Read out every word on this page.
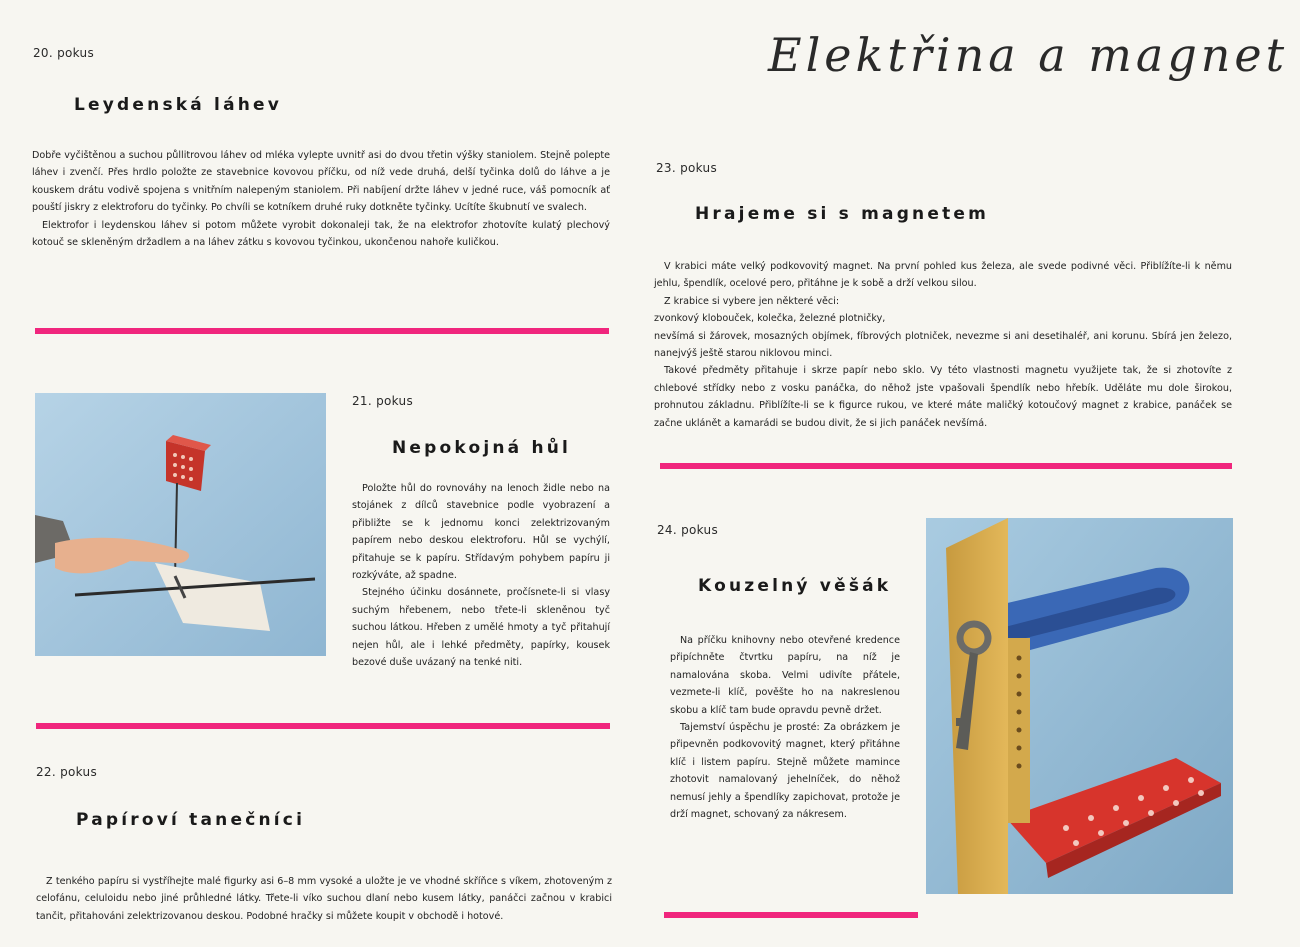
Elektřina a magnet
20. pokus
Leydenská láhev

Dobře vyčištěnou a suchou půllitrovou láhev od mléka vylepte uvnitř asi do dvou třetin výšky staniolem. Stejně polepte láhev i zvenčí. Přes hrdlo položte ze stavebnice kovovou příčku, od níž vede druhá, delší tyčinka dolů do láhve a je kouskem drátu vodivě spojena s vnitřním nalepeným staniolem. Při nabíjení držte láhev v jedné ruce, váš pomocník ať pouští jiskry z elektroforu do tyčinky. Po chvíli se kotníkem druhé ruky dotkněte tyčinky. Ucítíte škubnutí ve svalech.

Elektrofor i leydenskou láhev si potom můžete vyrobit dokonaleji tak, že na elektrofor zhotovíte kulatý plechový kotouč se skleněným držadlem a na láhev zátku s kovovou tyčinkou, ukončenou nahoře kuličkou.

21. pokus
Nepokojná hůl

Položte hůl do rovnováhy na lenoch židle nebo na stojánek z dílců stavebnice podle vyobrazení a přibližte se k jednomu konci zelektrizovaným papírem nebo deskou elektroforu. Hůl se vychýlí, přitahuje se k papíru. Střídavým pohybem papíru ji rozkýváte, až spadne.

Stejného účinku dosánnete, pročísnete-li si vlasy suchým hřebenem, nebo třete-li skleněnou tyč suchou látkou. Hřeben z umělé hmoty a tyč přitahují nejen hůl, ale i lehké předměty, papírky, kousek bezové duše uvázaný na tenké niti.

22. pokus
Papíroví tanečníci

Z tenkého papíru si vystříhejte malé figurky asi 6–8 mm vysoké a uložte je ve vhodné skříňce s víkem, zhotoveným z celofánu, celuloidu nebo jiné průhledné látky. Třete-li víko suchou dlaní nebo kusem látky, panáčci začnou v krabici tančit, přitahováni zelektrizovanou deskou. Podobné hračky si můžete koupit v obchodě i hotové.

23. pokus
Hrajeme si s magnetem

V krabici máte velký podkovovitý magnet. Na první pohled kus železa, ale svede podivné věci. Přiblížíte-li k němu jehlu, špendlík, ocelové pero, přitáhne je k sobě a drží velkou silou.

Z krabice si vybere jen některé věci:

zvonkový klobouček, kolečka, železné plotničky,

nevšímá si žárovek, mosazných objímek, fíbrových plotniček, nevezme si ani desetihaléř, ani korunu. Sbírá jen železo, nanejvýš ještě starou niklovou minci.

Takové předměty přitahuje i skrze papír nebo sklo. Vy této vlastnosti magnetu využijete tak, že si zhotovíte z chlebové střídky nebo z vosku panáčka, do něhož jste vpašovali špendlík nebo hřebík. Uděláte mu dole širokou, prohnutou základnu. Přiblížíte-li se k figurce rukou, ve které máte maličký kotoučový magnet z krabice, panáček se začne uklánět a kamarádi se budou divit, že si jich panáček nevšímá.

24. pokus
Kouzelný věšák

Na příčku knihovny nebo otevřené kredence připíchněte čtvrtku papíru, na níž je namalována skoba. Velmi udivíte přátele, vezmete-li klíč, pověšte ho na nakreslenou skobu a klíč tam bude opravdu pevně držet.

Tajemství úspěchu je prosté: Za obrázkem je připevněn podkovovitý magnet, který přitáhne klíč i listem papíru. Stejně můžete mamince zhotovit namalovaný jehelníček, do něhož nemusí jehly a špendlíky zapichovat, protože je drží magnet, schovaný za nákresem.
